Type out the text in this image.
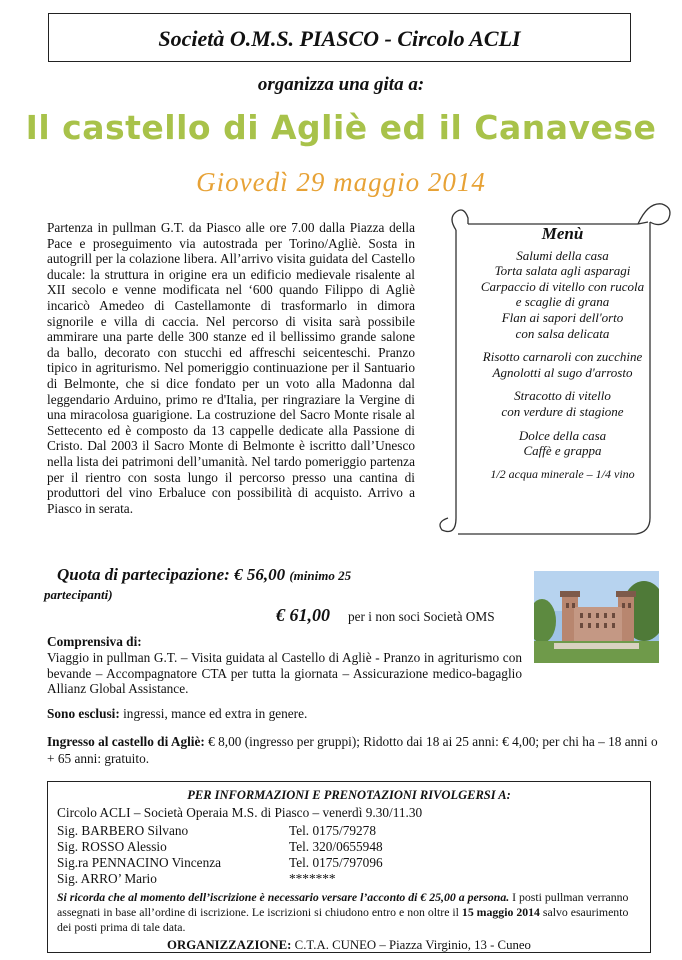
Società O.M.S. PIASCO - Circolo ACLI
organizza una gita a:
Il castello di Agliè ed il Canavese
Giovedì 29 maggio 2014
Partenza in pullman G.T. da Piasco alle ore 7.00 dalla Piazza della Pace e proseguimento via autostrada per Torino/Agliè. Sosta in autogrill per la colazione libera. All’arrivo visita guidata del Castello ducale: la struttura in origine era un edificio medievale risalente al XII secolo e venne modificata nel ‘600 quando Filippo di Agliè incaricò Amedeo di Castellamonte di trasformarlo in dimora signorile e villa di caccia. Nel percorso di visita sarà possibile ammirare una parte delle 300 stanze ed il bellissimo grande salone da ballo, decorato con stucchi ed affreschi seicenteschi. Pranzo tipico in agriturismo. Nel pomeriggio continuazione per il Santuario di Belmonte, che si dice fondato per un voto alla Madonna dal leggendario Arduino, primo re d'Italia, per ringraziare la Vergine di una miracolosa guarigione. La costruzione del Sacro Monte risale al Settecento ed è composto da 13 cappelle dedicate alla Passione di Cristo. Dal 2003 il Sacro Monte di Belmonte è iscritto dall’Unesco nella lista dei patrimoni dell’umanità. Nel tardo pomeriggio partenza per il rientro con sosta lungo il percorso presso una cantina di produttori del vino Erbaluce con possibilità di acquisto. Arrivo a Piasco in serata.
Menù
Salumi della casa
Torta salata agli asparagi
Carpaccio di vitello con rucola
e scaglie di grana
Flan ai sapori dell'orto
con salsa delicata
Risotto carnaroli con zucchine
Agnolotti al sugo d'arrosto
Stracotto di vitello
con verdure di stagione
Dolce della casa
Caffè e grappa
1/2 acqua minerale – 1/4 vino
Quota di partecipazione: € 56,00 (minimo 25
partecipanti)
€ 61,00 per i non soci Società OMS
Comprensiva di:
Viaggio in pullman G.T. – Visita guidata al Castello di Agliè - Pranzo in agriturismo con bevande – Accompagnatore CTA per tutta la giornata – Assicurazione medico-bagaglio Allianz Global Assistance.
Sono esclusi: ingressi, mance ed extra in genere.
Ingresso al castello di Agliè: € 8,00 (ingresso per gruppi); Ridotto dai 18 ai 25 anni: € 4,00; per chi ha – 18 anni o + 65 anni: gratuito.
PER INFORMAZIONI E PRENOTAZIONI RIVOLGERSI A:
Circolo ACLI – Società Operaia M.S. di Piasco – venerdì 9.30/11.30
Sig. BARBERO Silvano	Tel. 0175/79278
Sig. ROSSO Alessio	Tel. 320/0655948
Sig.ra PENNACINO Vincenza	Tel. 0175/797096
Sig. ARRO’ Mario	*******
Si ricorda che al momento dell’iscrizione è necessario versare l’acconto di € 25,00 a persona. I posti pullman verranno assegnati in base all’ordine di iscrizione. Le iscrizioni si chiudono entro e non oltre il 15 maggio 2014 salvo esaurimento dei posti prima di tale data.
ORGANIZZAZIONE: C.T.A. CUNEO – Piazza Virginio, 13 - Cuneo
